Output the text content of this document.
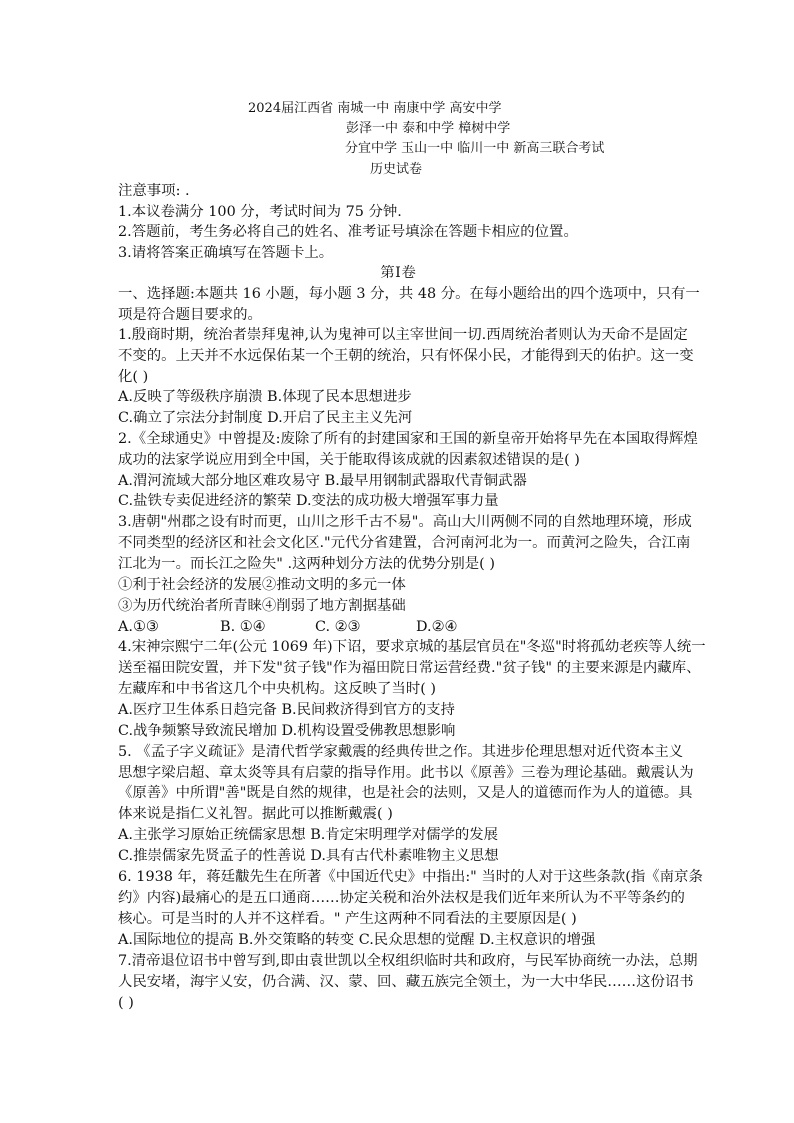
2024届江西省 南城一中 南康中学 高安中学
彭泽一中 泰和中学 樟树中学
分宜中学 玉山一中 临川一中 新高三联合考试
历史试卷
注意事项: .
1.本议卷满分 100 分，考试时间为 75 分钟.
2.答题前，考生务必将自己的姓名、准考证号填涂在答题卡相应的位置。
3.请将答案正确填写在答题卡上。
第 I 卷
一、选择题:本题共 16 小题，每小题 3 分，共 48 分。在每小题给出的四个选项中，只有一
项是符合题目要求的。
1.殷商时期，统治者崇拜鬼神,认为鬼神可以主宰世间一切.西周统治者则认为天命不是固定
不变的。上天并不水远保佑某一个王朝的统治，只有怀保小民，才能得到天的佑护。这一变
化( )
A.反映了等级秩序崩溃 B.体现了民本思想进步
C.确立了宗法分封制度 D.开启了民主主义先河
2.《全球通史》中曾提及:废除了所有的封建国家和王国的新皇帝开始将早先在本国取得辉煌
成功的法家学说应用到全中国，关于能取得该成就的因素叙述错误的是( )
A.渭河流域大部分地区难攻易守 B.最早用钢制武器取代青铜武器
C.盐铁专卖促进经济的繁荣 D.变法的成功极大增强军事力量
3.唐朝"州郡之设有时而更，山川之形千古不易"。高山大川两侧不同的自然地理环境，形成
不同类型的经济区和社会文化区."元代分省建置，合河南河北为一。而黄河之险失，合江南
江北为一。而长江之险失" .这两种划分方法的优势分别是( )
①利于社会经济的发展②推动文明的多元一体
③为历代统治者所青睐④削弱了地方割据基础
A.①③	B. ①④	C. ②③	D.②④
4.宋神宗熙宁二年(公元 1069 年)下诏，要求京城的基层官员在"冬巡"时将孤幼老疾等人统一
送至福田院安置，并下发"贫子钱"作为福田院日常运营经费."贫子钱" 的主要来源是内藏库、
左藏库和中书省这几个中央机构。这反映了当时( )
A.医疗卫生体系日趋完备 B.民间救济得到官方的支持
C.战争频繁导致流民增加 D.机构设置受佛教思想影响
5. 《孟子字义疏证》是清代哲学家戴震的经典传世之作。其进步伦理思想对近代资本主义
思想字梁启超、章太炎等具有启蒙的指导作用。此书以《原善》三卷为理论基础。戴震认为
《原善》中所谓"善"既是自然的规律，也是社会的法则，又是人的道德而作为人的道德。具
体来说是指仁义礼智。据此可以推断戴震( )
A.主张学习原始正统儒家思想 B.肯定宋明理学对儒学的发展
C.推崇儒家先贤孟子的性善说 D.具有古代朴素唯物主义思想
6. 1938 年，蒋廷黻先生在所著《中国近代史》中指出:" 当时的人对于这些条款(指《南京条
约》内容)最痛心的是五口通商……协定关税和治外法权是我们近年来所认为不平等条约的
核心。可是当时的人并不这样看。" 产生这两种不同看法的主要原因是( )
A.国际地位的提高 B.外交策略的转变 C.民众思想的觉醒 D.主权意识的增强
7.清帝退位诏书中曾写到,即由袁世凯以全权组织临时共和政府，与民军协商统一办法，总期
人民安堵，海宇乂安，仍合满、汉、蒙、回、藏五族完全领土，为一大中华民……这份诏书
( )
